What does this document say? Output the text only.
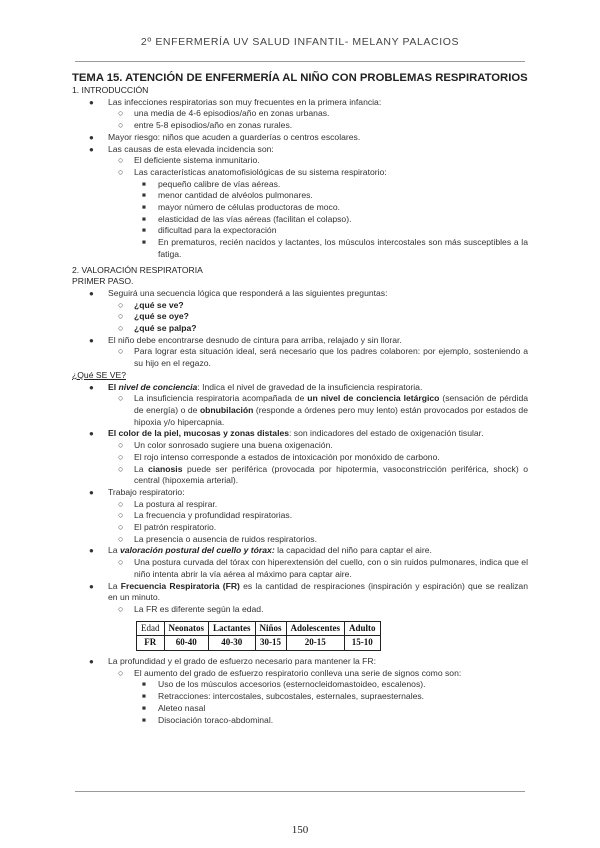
2º ENFERMERÍA UV SALUD INFANTIL- MELANY PALACIOS

TEMA 15. ATENCIÓN DE ENFERMERÍA AL NIÑO CON PROBLEMAS RESPIRATORIOS

1. INTRODUCCIÓN

● Las infecciones respiratorias son muy frecuentes en la primera infancia:
○ una media de 4-6 episodios/año en zonas urbanas.
○ entre 5-8 episodios/año en zonas rurales.
● Mayor riesgo: niños que acuden a guarderías o centros escolares.
● Las causas de esta elevada incidencia son:
○ El deficiente sistema inmunitario.
○ Las características anatomofisiológicas de su sistema respiratorio:
■ pequeño calibre de vías aéreas.
■ menor cantidad de alvéolos pulmonares.
■ mayor número de células productoras de moco.
■ elasticidad de las vías aéreas (facilitan el colapso).
■ dificultad para la expectoración
■ En prematuros, recién nacidos y lactantes, los músculos intercostales son más susceptibles a la fatiga.

2. VALORACIÓN RESPIRATORIA

PRIMER PASO.

● Seguirá una secuencia lógica que responderá a las siguientes preguntas:
○ ¿qué se ve?
○ ¿qué se oye?
○ ¿qué se palpa?
● El niño debe encontrarse desnudo de cintura para arriba, relajado y sin llorar.
○ Para lograr esta situación ideal, será necesario que los padres colaboren: por ejemplo, sosteniendo a su hijo en el regazo.

¿Qué SE VE?

● El nivel de conciencia: Indica el nivel de gravedad de la insuficiencia respiratoria.
○ La insuficiencia respiratoria acompañada de un nivel de conciencia letárgico (sensación de pérdida de energía) o de obnubilación (responde a órdenes pero muy lento) están provocados por estados de hipoxia y/o hipercapnia.
● El color de la piel, mucosas y zonas distales: son indicadores del estado de oxigenación tisular.
○ Un color sonrosado sugiere una buena oxigenación.
○ El rojo intenso corresponde a estados de intoxicación por monóxido de carbono.
○ La cianosis puede ser periférica (provocada por hipotermia, vasoconstricción periférica, shock) o central (hipoxemia arterial).
● Trabajo respiratorio:
○ La postura al respirar.
○ La frecuencia y profundidad respiratorias.
○ El patrón respiratorio.
○ La presencia o ausencia de ruidos respiratorios.
● La valoración postural del cuello y tórax: la capacidad del niño para captar el aire.
○ Una postura curvada del tórax con hiperextensión del cuello, con o sin ruidos pulmonares, indica que el niño intenta abrir la vía aérea al máximo para captar aire.
● La Frecuencia Respiratoria (FR) es la cantidad de respiraciones (inspiración y espiración) que se realizan en un minuto.
○ La FR es diferente según la edad.
Edad	Neonatos	Lactantes	Niños	Adolescentes	Adulto
FR	60-40	40-30	30-15	20-15	15-10
● La profundidad y el grado de esfuerzo necesario para mantener la FR:
○ El aumento del grado de esfuerzo respiratorio conlleva una serie de signos como son:
■ Uso de los músculos accesorios (esternocleidomastoideo, escalenos).
■ Retracciones: intercostales, subcostales, esternales, supraesternales.
■ Aleteo nasal
■ Disociación toraco-abdominal.
150
